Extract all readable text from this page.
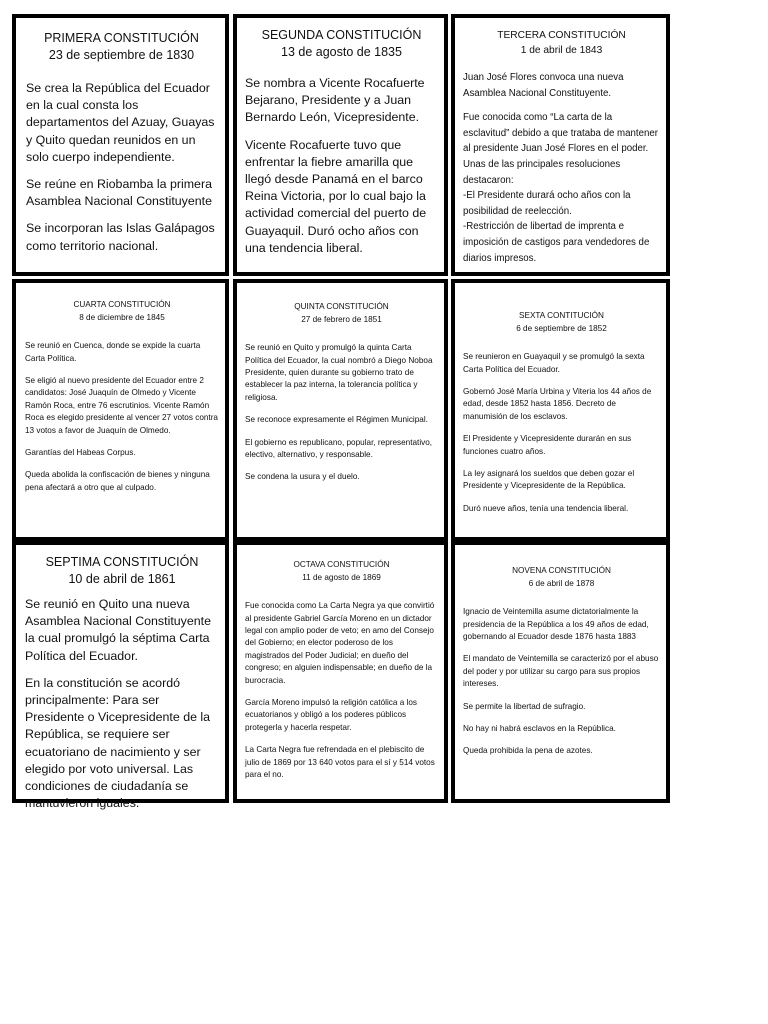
PRIMERA CONSTITUCIÓN
23 de septiembre de 1830

Se crea la República del Ecuador en la cual consta los departamentos del Azuay, Guayas y Quito quedan reunidos en un solo cuerpo independiente.

Se reúne en Riobamba la primera Asamblea Nacional Constituyente

Se incorporan las Islas Galápagos como territorio nacional.

SEGUNDA CONSTITUCIÓN
13 de agosto de 1835

Se nombra a Vicente Rocafuerte Bejarano, Presidente y a Juan Bernardo León, Vicepresidente.

Vicente Rocafuerte tuvo que enfrentar la fiebre amarilla que llegó desde Panamá en el barco Reina Victoria, por lo cual bajo la actividad comercial del puerto de Guayaquil. Duró ocho años con una tendencia liberal.

TERCERA CONSTITUCIÓN
1 de abril de 1843

Juan José Flores convoca una nueva Asamblea Nacional Constituyente.

Fue conocida como “La carta de la esclavitud” debido a que trataba de mantener al presidente Juan José Flores en el poder. Unas de las principales resoluciones destacaron:
-El Presidente durará ocho años con la posibilidad de reelección.
-Restricción de libertad de imprenta e imposición de castigos para vendedores de diarios impresos.

CUARTA CONSTITUCIÓN
8 de diciembre de 1845

Se reunió en Cuenca, donde se expide la cuarta Carta Política.

Se eligió al nuevo presidente del Ecuador entre 2 candidatos: José Juaquín de Olmedo y Vicente Ramón Roca, entre 76 escrutinios. Vicente Ramón Roca es elegido presidente al vencer 27 votos contra 13 votos a favor de Juaquín de Olmedo.

Garantías del Habeas Corpus.

Queda abolida la confiscación de bienes y ninguna pena afectará a otro que al culpado.

QUINTA CONSTITUCIÓN
27 de febrero de 1851

Se reunió en Quito y promulgó la quinta Carta Política del Ecuador, la cual nombró a Diego Noboa Presidente, quien durante su gobierno trato de establecer la paz interna, la tolerancia política y religiosa.

Se reconoce expresamente el Régimen Municipal.

El gobierno es republicano, popular, representativo, electivo, alternativo, y responsable.

Se condena la usura y el duelo.

SEXTA CONTITUCIÓN
6 de septiembre de 1852

Se reunieron en Guayaquil y se promulgó la sexta Carta Política del Ecuador.

Gobernó José María Urbina y Viteria los 44 años de edad, desde 1852 hasta 1856. Decreto de manumisión de los esclavos.

El Presidente y Vicepresidente durarán en sus funciones cuatro años.

La ley asignará los sueldos que deben gozar el Presidente y Vicepresidente de la República.

Duró nueve años, tenía una tendencia liberal.

SEPTIMA CONSTITUCIÓN
10 de abril de 1861

Se reunió en Quito una nueva Asamblea Nacional Constituyente la cual promulgó la séptima Carta Política del Ecuador.

En la constitución se acordó principalmente: Para ser Presidente o Vicepresidente de la República, se requiere ser ecuatoriano de nacimiento y ser elegido por voto universal. Las condiciones de ciudadanía se mantuvieron iguales.

OCTAVA CONSTITUCIÓN
11 de agosto de 1869

Fue conocida como La Carta Negra ya que convirtió al presidente Gabriel García Moreno en un dictador legal con amplio poder de veto; en amo del Consejo del Gobierno; en elector poderoso de los magistrados del Poder Judicial; en dueño del congreso; en alguien indispensable; en dueño de la burocracia.

García Moreno impulsó la religión católica a los ecuatorianos y obligó a los poderes públicos protegerla y hacerla respetar.

La Carta Negra fue refrendada en el plebiscito de julio de 1869 por 13 640 votos para el sí y 514 votos para el no.

NOVENA CONSTITUCIÓN
6 de abril de 1878

Ignacio de Veintemilla asume dictatorialmente la presidencia de la República a los 49 años de edad, gobernando al Ecuador desde 1876 hasta 1883

El mandato de Veintemilla se caracterizó por el abuso del poder y por utilizar su cargo para sus propios intereses.

Se permite la libertad de sufragio.

No hay ni habrá esclavos en la República.

Queda prohibida la pena de azotes.
